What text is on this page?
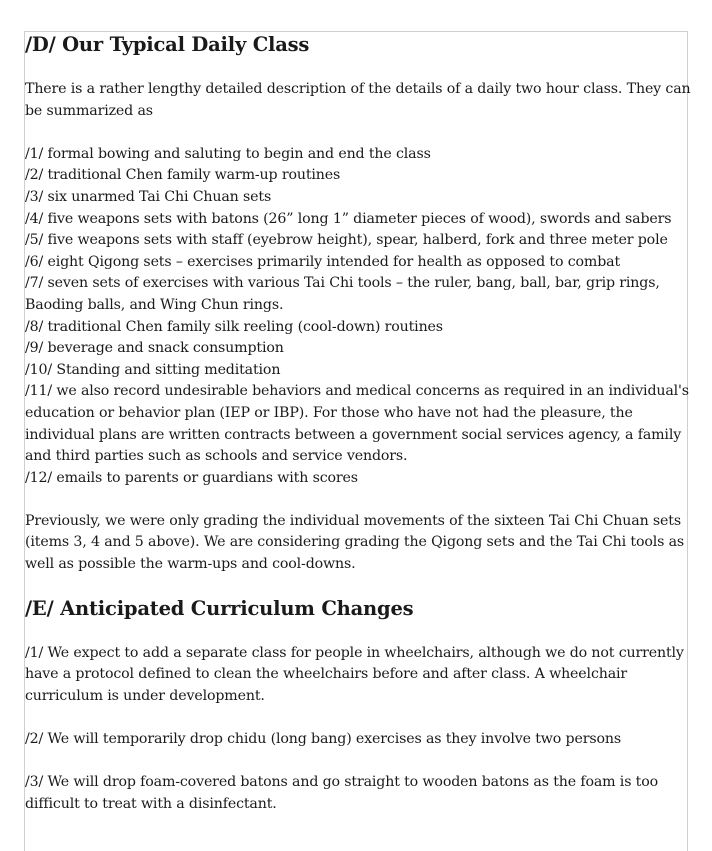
/D/ Our Typical Daily Class
There is a rather lengthy detailed description of the details of a daily two hour class. They can
be summarized as
/1/ formal bowing and saluting to begin and end the class
/2/ traditional Chen family warm-up routines
/3/ six unarmed Tai Chi Chuan sets
/4/ five weapons sets with batons (26” long 1” diameter pieces of wood), swords and sabers
/5/ five weapons sets with staff (eyebrow height), spear, halberd, fork and three meter pole
/6/ eight Qigong sets – exercises primarily intended for health as opposed to combat
/7/ seven sets of exercises with various Tai Chi tools – the ruler, bang, ball, bar, grip rings,
Baoding balls, and Wing Chun rings.
/8/ traditional Chen family silk reeling (cool-down) routines
/9/ beverage and snack consumption
/10/ Standing and sitting meditation
/11/ we also record undesirable behaviors and medical concerns as required in an individual's
education or behavior plan (IEP or IBP). For those who have not had the pleasure, the
individual plans are written contracts between a government social services agency, a family
and third parties such as schools and service vendors.
/12/ emails to parents or guardians with scores
Previously, we were only grading the individual movements of the sixteen Tai Chi Chuan sets
(items 3, 4 and 5 above). We are considering grading the Qigong sets and the Tai Chi tools as
well as possible the warm-ups and cool-downs.
/E/ Anticipated Curriculum Changes
/1/ We expect to add a separate class for people in wheelchairs, although we do not currently
have a protocol defined to clean the wheelchairs before and after class. A wheelchair
curriculum is under development.
/2/ We will temporarily drop chidu (long bang) exercises as they involve two persons
/3/ We will drop foam-covered batons and go straight to wooden batons as the foam is too
difficult to treat with a disinfectant.
